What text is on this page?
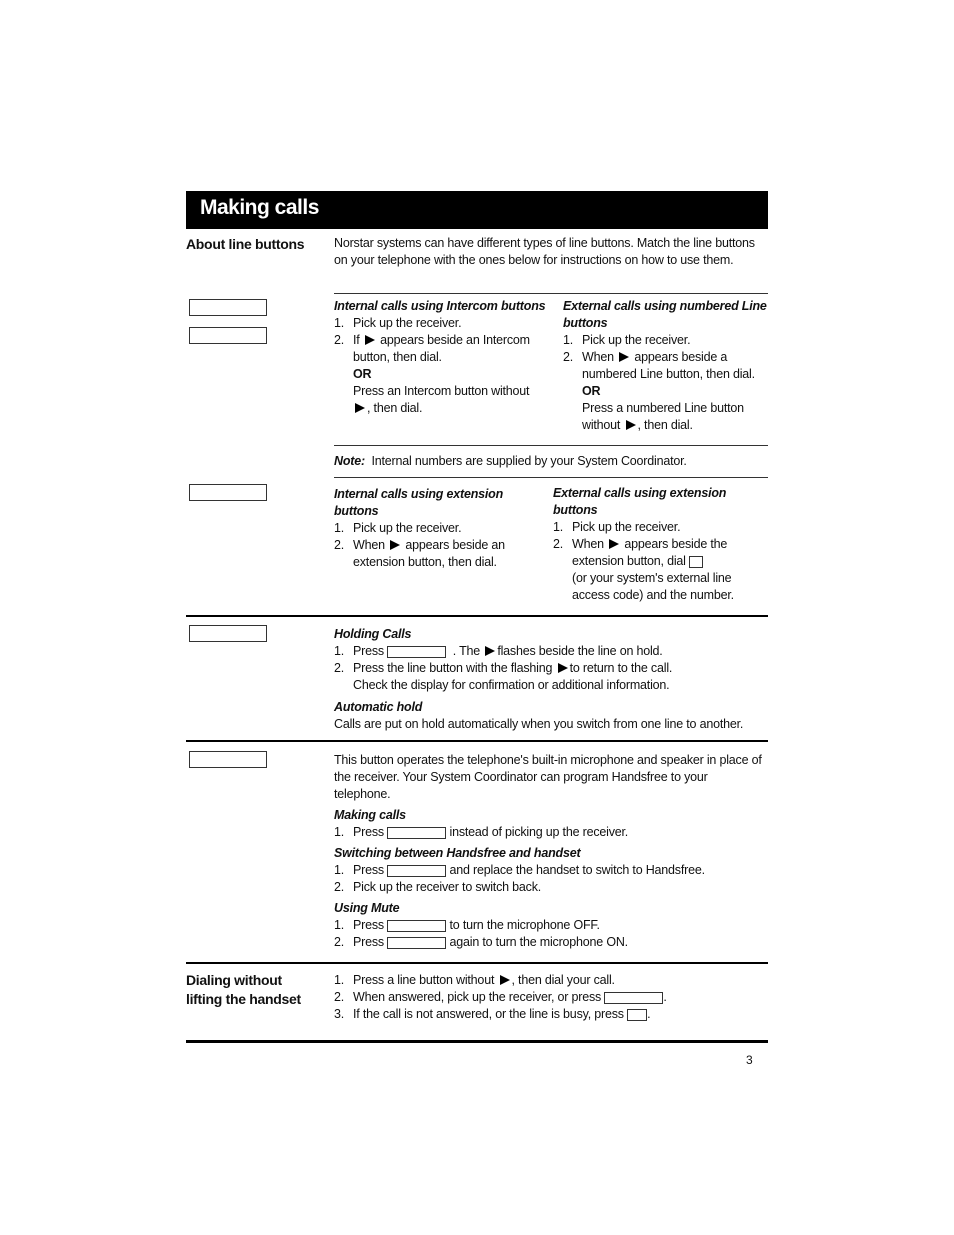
Making calls
About line buttons Norstar systems can have different types of line buttons. Match the line buttons on your telephone with the ones below for instructions on how to use them.
Internal calls using Intercom buttons
1. Pick up the receiver.
2. If appears beside an Intercom button, then dial.
OR
Press an Intercom button without
, then dial.
External calls using numbered Line buttons
1. Pick up the receiver.
2. When appears beside a numbered Line button, then dial.
OR
Press a numbered Line button without , then dial.
Note: Internal numbers are supplied by your System Coordinator.
Internal calls using extension buttons
1. Pick up the receiver.
2. When appears beside an extension button, then dial.
External calls using extension buttons
1. Pick up the receiver.
2. When appears beside the extension button, dial
(or your system's external line access code) and the number.
Holding Calls
1. Press	. The flashes beside the line on hold.
2. Press the line button with the flashing to return to the call.
Check the display for confirmation or additional information.
Automatic hold
Calls are put on hold automatically when you switch from one line to another.
This button operates the telephone's built-in microphone and speaker in place of the receiver. Your System Coordinator can program Handsfree to your telephone.
Making calls
1. Press	instead of picking up the receiver.
Switching between Handsfree and handset
1. Press	and replace the handset to switch to Handsfree.
2. Pick up the receiver to switch back.
Using Mute
1. Press	to turn the microphone OFF.
2. Press	again to turn the microphone ON.
Dialing without
lifting the handset
1. Press a line button without , then dial your call.
2. When answered, pick up the receiver, or press	.
3. If the call is not answered, or the line is busy, press .
3
